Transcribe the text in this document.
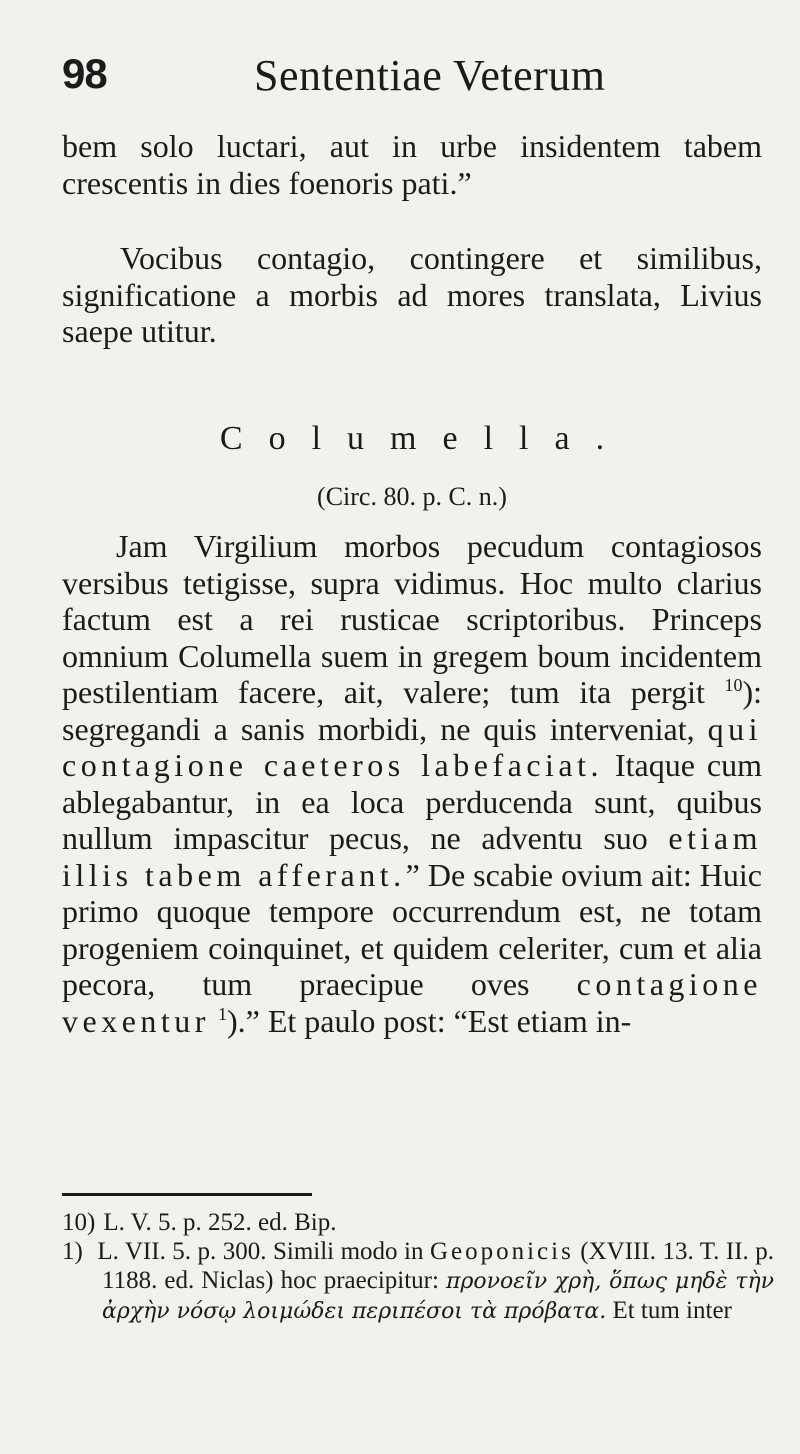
98	Sententiae Veterum

bem solo luctari, aut in urbe insidentem tabem crescentis in dies foenoris pati.”

Vocibus contagio, contingere et similibus, significatione a morbis ad mores translata, Livius saepe utitur.

Columella.
(Circ. 80. p. C. n.)

Jam Virgilium morbos pecudum contagiosos versibus tetigisse, supra vidimus. Hoc multo clarius factum est a rei rusticae scriptoribus. Princeps omnium Columella suem in gregem boum incidentem pestilentiam facere, ait, valere; tum ita pergit $^{10}$): segregandi a sanis morbidi, ne quis interveniat, qui contagione caeteros labefaciat. Itaque cum ablegabantur, in ea loca perducenda sunt, quibus nullum impascitur pecus, ne adventu suo etiam illis tabem afferant.” De scabie ovium ait: Huic primo quoque tempore occurrendum est, ne totam progeniem coinquinet, et quidem celeriter, cum et alia pecora, tum praecipue oves contagione vexentur $^1$).” Et paulo post: “Est etiam in-

10) L. V. 5. p. 252. ed. Bip.
1) L. VII. 5. p. 300. Simili modo in Geoponicis (XVIII. 13. T. II. p. 1188. ed. Niclas) hoc praecipitur: προνοεῖν χρὴ, ὅπως μηδὲ τὴν ἀρχὴν νόσῳ λοιμώδει περιπέσοι τὰ πρόβατα. Et tum inter
